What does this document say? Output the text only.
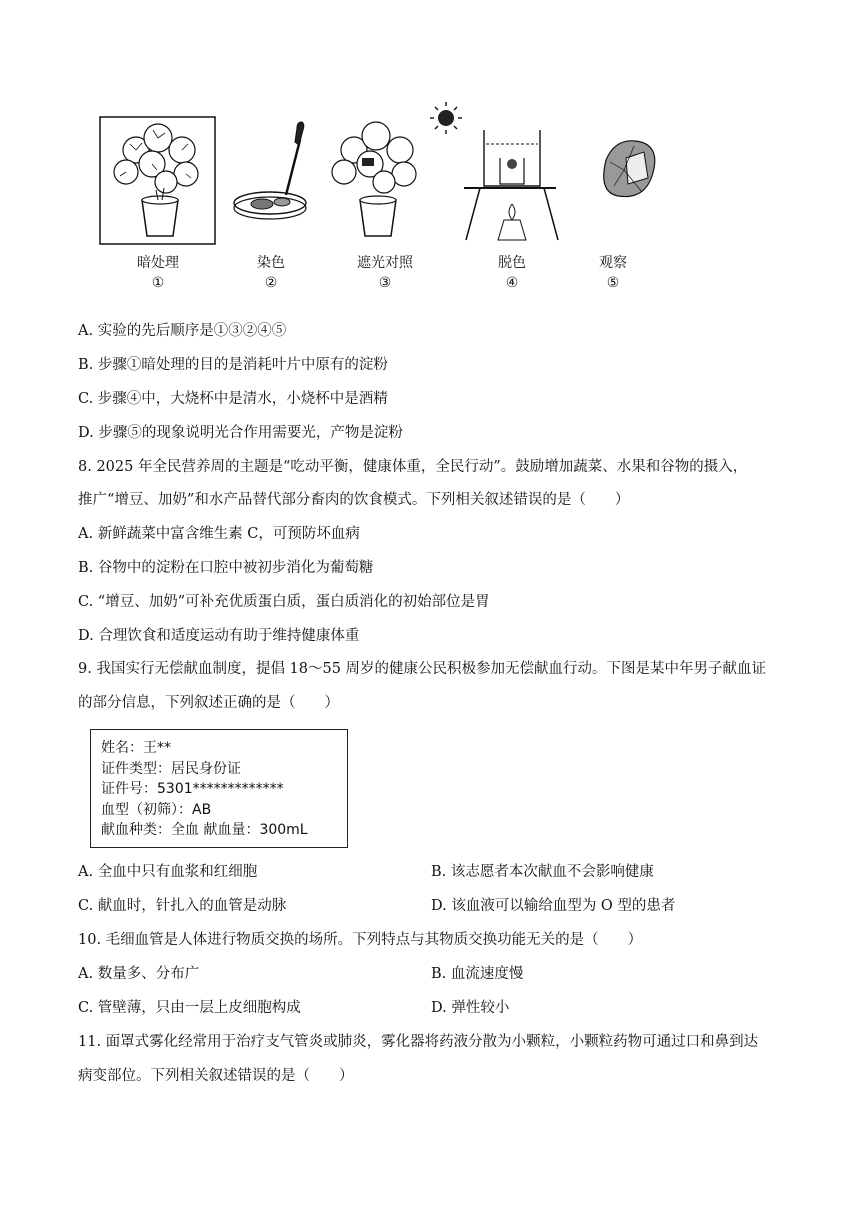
暗处理
①
染色
②
遮光对照
③
脱色
④
观察
⑤
A. 实验的先后顺序是①③②④⑤
B. 步骤①暗处理的目的是消耗叶片中原有的淀粉
C. 步骤④中，大烧杯中是清水，小烧杯中是酒精
D. 步骤⑤的现象说明光合作用需要光，产物是淀粉
8. 2025 年全民营养周的主题是“吃动平衡，健康体重，全民行动”。鼓励增加蔬菜、水果和谷物的摄入，
推广“增豆、加奶”和水产品替代部分畜肉的饮食模式。下列相关叙述错误的是（　　）
A. 新鲜蔬菜中富含维生素 C，可预防坏血病
B. 谷物中的淀粉在口腔中被初步消化为葡萄糖
C. “增豆、加奶”可补充优质蛋白质，蛋白质消化的初始部位是胃
D. 合理饮食和适度运动有助于维持健康体重
9. 我国实行无偿献血制度，提倡 18～55 周岁的健康公民积极参加无偿献血行动。下图是某中年男子献血证
的部分信息，下列叙述正确的是（　　）
姓名：王**
证件类型：居民身份证
证件号：5301*************
血型（初筛）：AB
献血种类：全血 献血量：300mL
A. 全血中只有血浆和红细胞	B. 该志愿者本次献血不会影响健康
C. 献血时，针扎入的血管是动脉	D. 该血液可以输给血型为 O 型的患者
10. 毛细血管是人体进行物质交换的场所。下列特点与其物质交换功能无关的是（　　）
A. 数量多、分布广	B. 血流速度慢
C. 管壁薄，只由一层上皮细胞构成	D. 弹性较小
11. 面罩式雾化经常用于治疗支气管炎或肺炎，雾化器将药液分散为小颗粒，小颗粒药物可通过口和鼻到达
病变部位。下列相关叙述错误的是（　　）
